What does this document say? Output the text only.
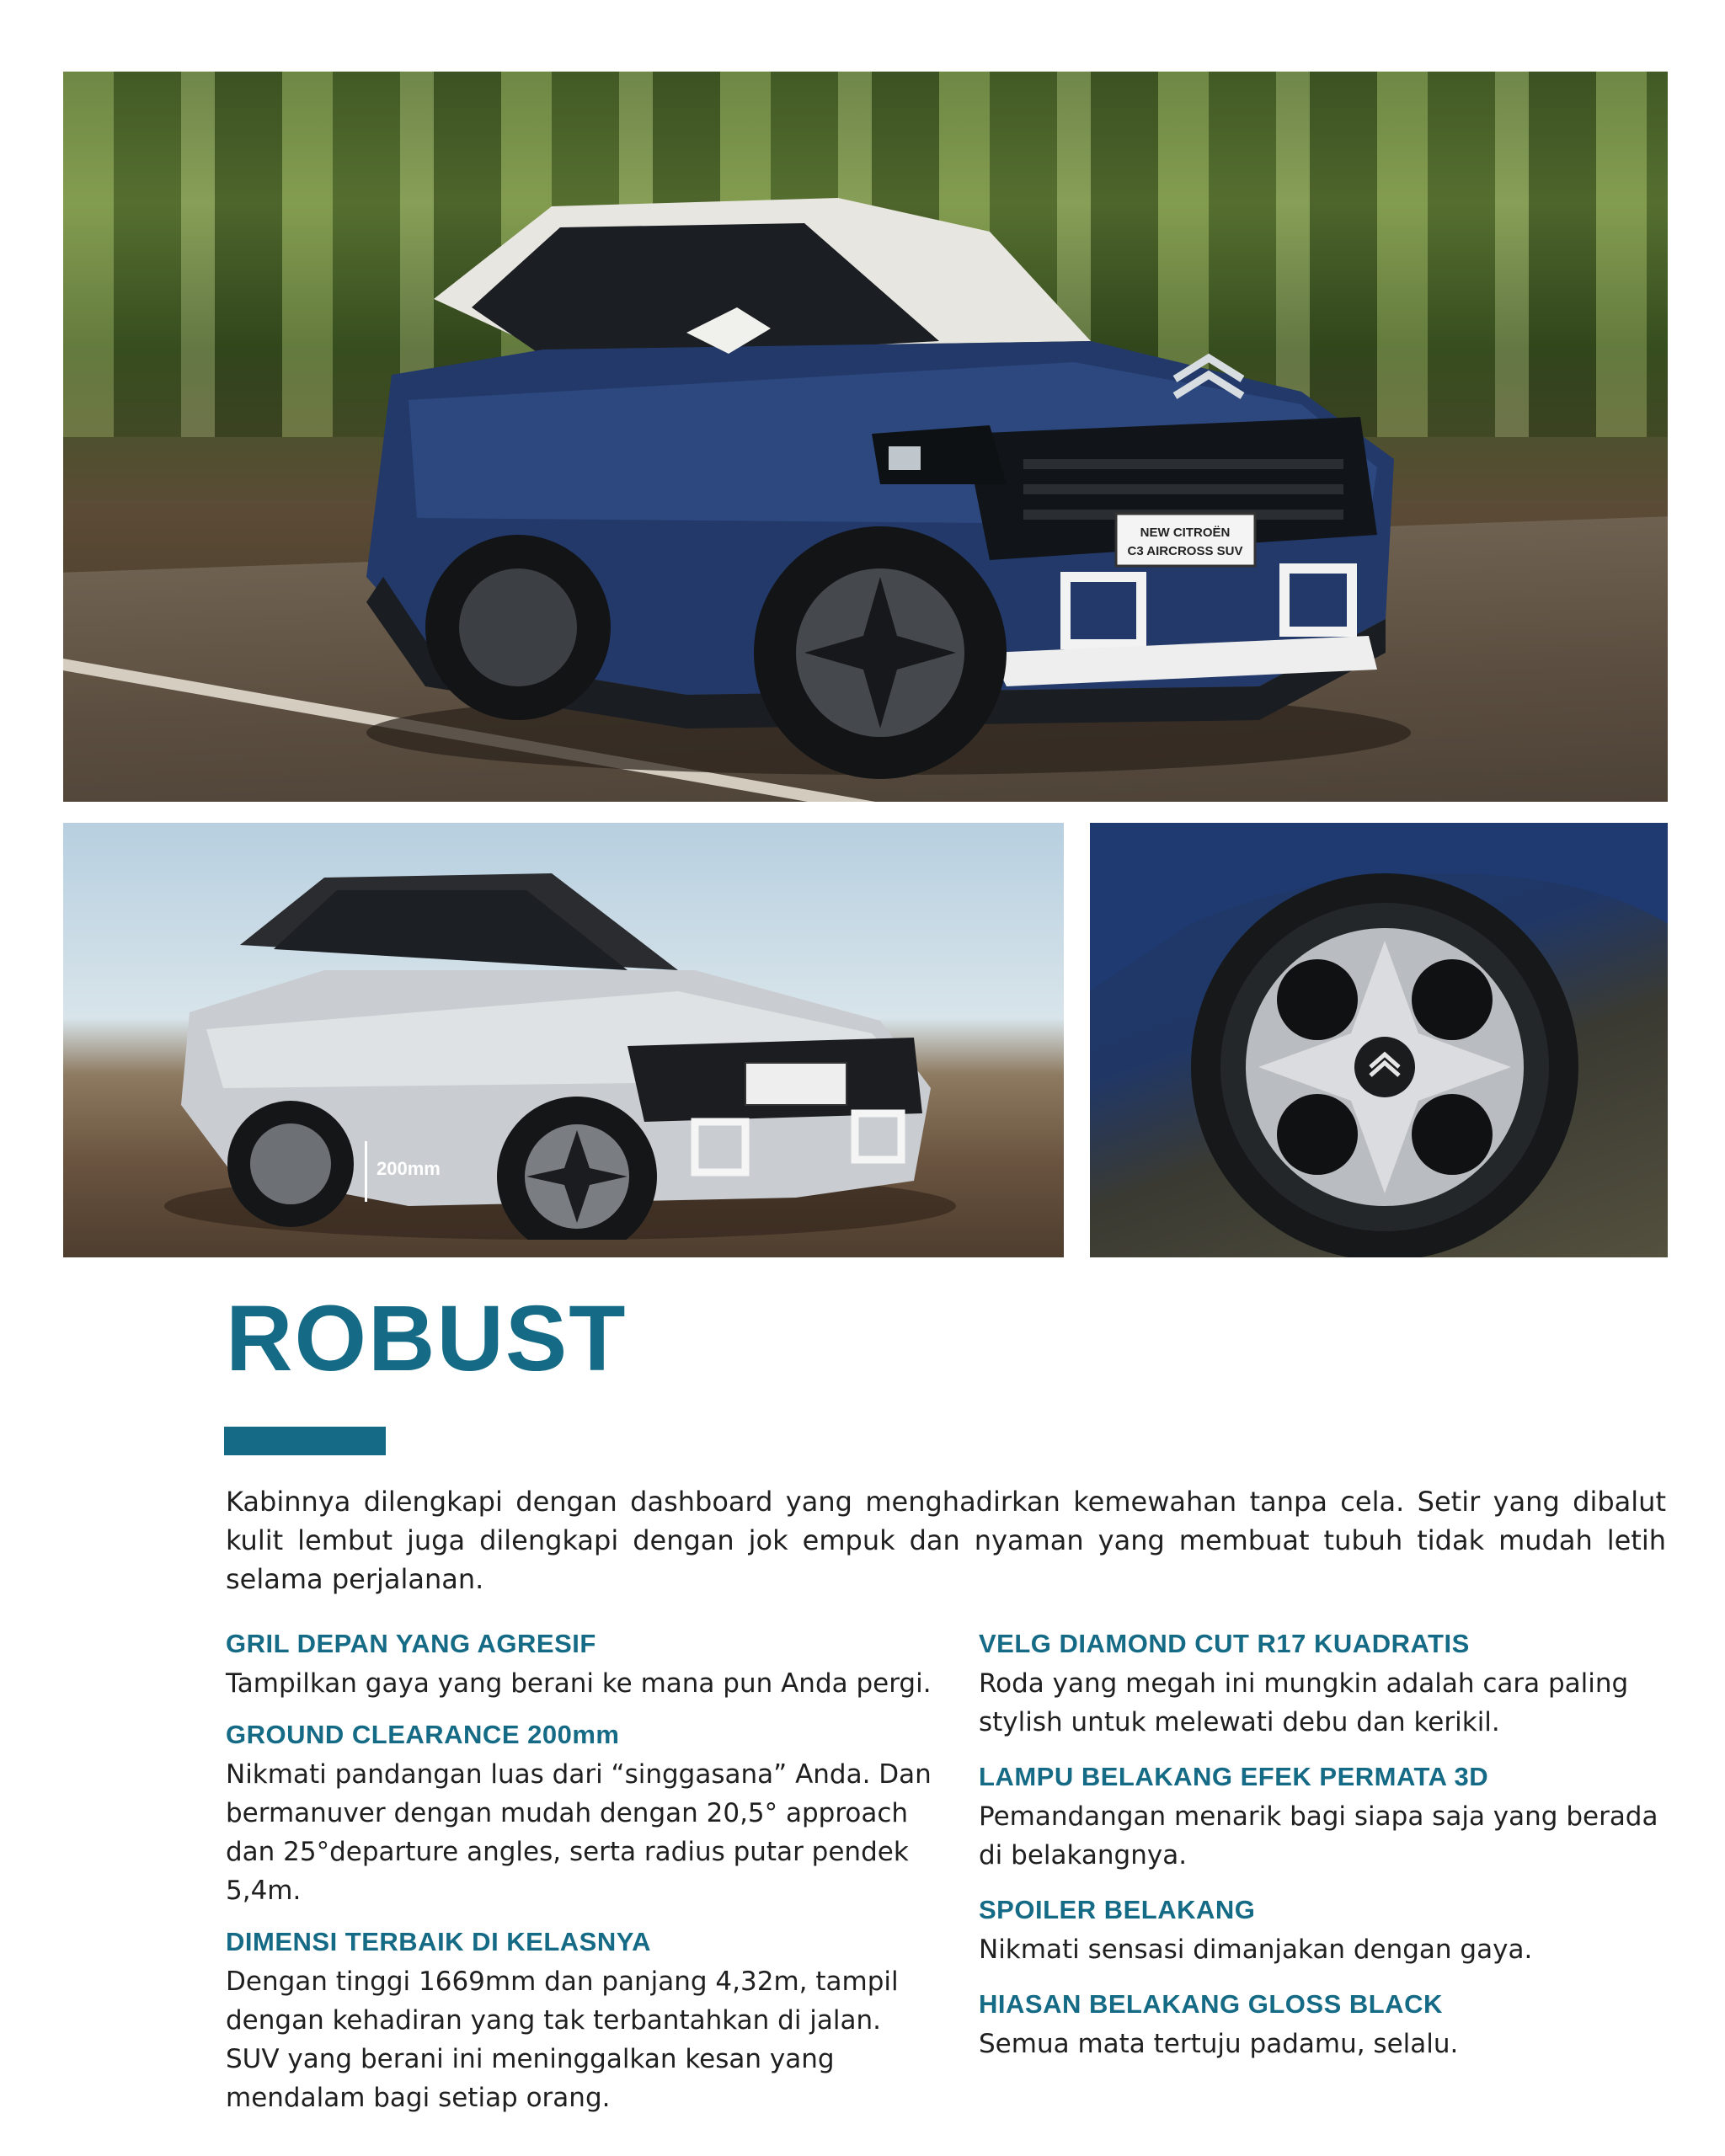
NEW CITROËN
C3 AIRCROSS SUV
200mm
ROBUST

Kabinnya dilengkapi dengan dashboard yang menghadirkan kemewahan tanpa cela. Setir yang dibalut kulit lembut juga dilengkapi dengan jok empuk dan nyaman yang membuat tubuh tidak mudah letih selama perjalanan.

GRIL DEPAN YANG AGRESIF

Tampilkan gaya yang berani ke mana pun Anda pergi.

GROUND CLEARANCE 200mm

Nikmati pandangan luas dari “singgasana” Anda. Dan bermanuver dengan mudah dengan 20,5° approach dan 25°departure angles, serta radius putar pendek 5,4m.

DIMENSI TERBAIK DI KELASNYA

Dengan tinggi 1669mm dan panjang 4,32m, tampil dengan kehadiran yang tak terbantahkan di jalan. SUV yang berani ini meninggalkan kesan yang mendalam bagi setiap orang.

VELG DIAMOND CUT R17 KUADRATIS

Roda yang megah ini mungkin adalah cara paling stylish untuk melewati debu dan kerikil.

LAMPU BELAKANG EFEK PERMATA 3D

Pemandangan menarik bagi siapa saja yang berada di belakangnya.

SPOILER BELAKANG

Nikmati sensasi dimanjakan dengan gaya.

HIASAN BELAKANG GLOSS BLACK

Semua mata tertuju padamu, selalu.
